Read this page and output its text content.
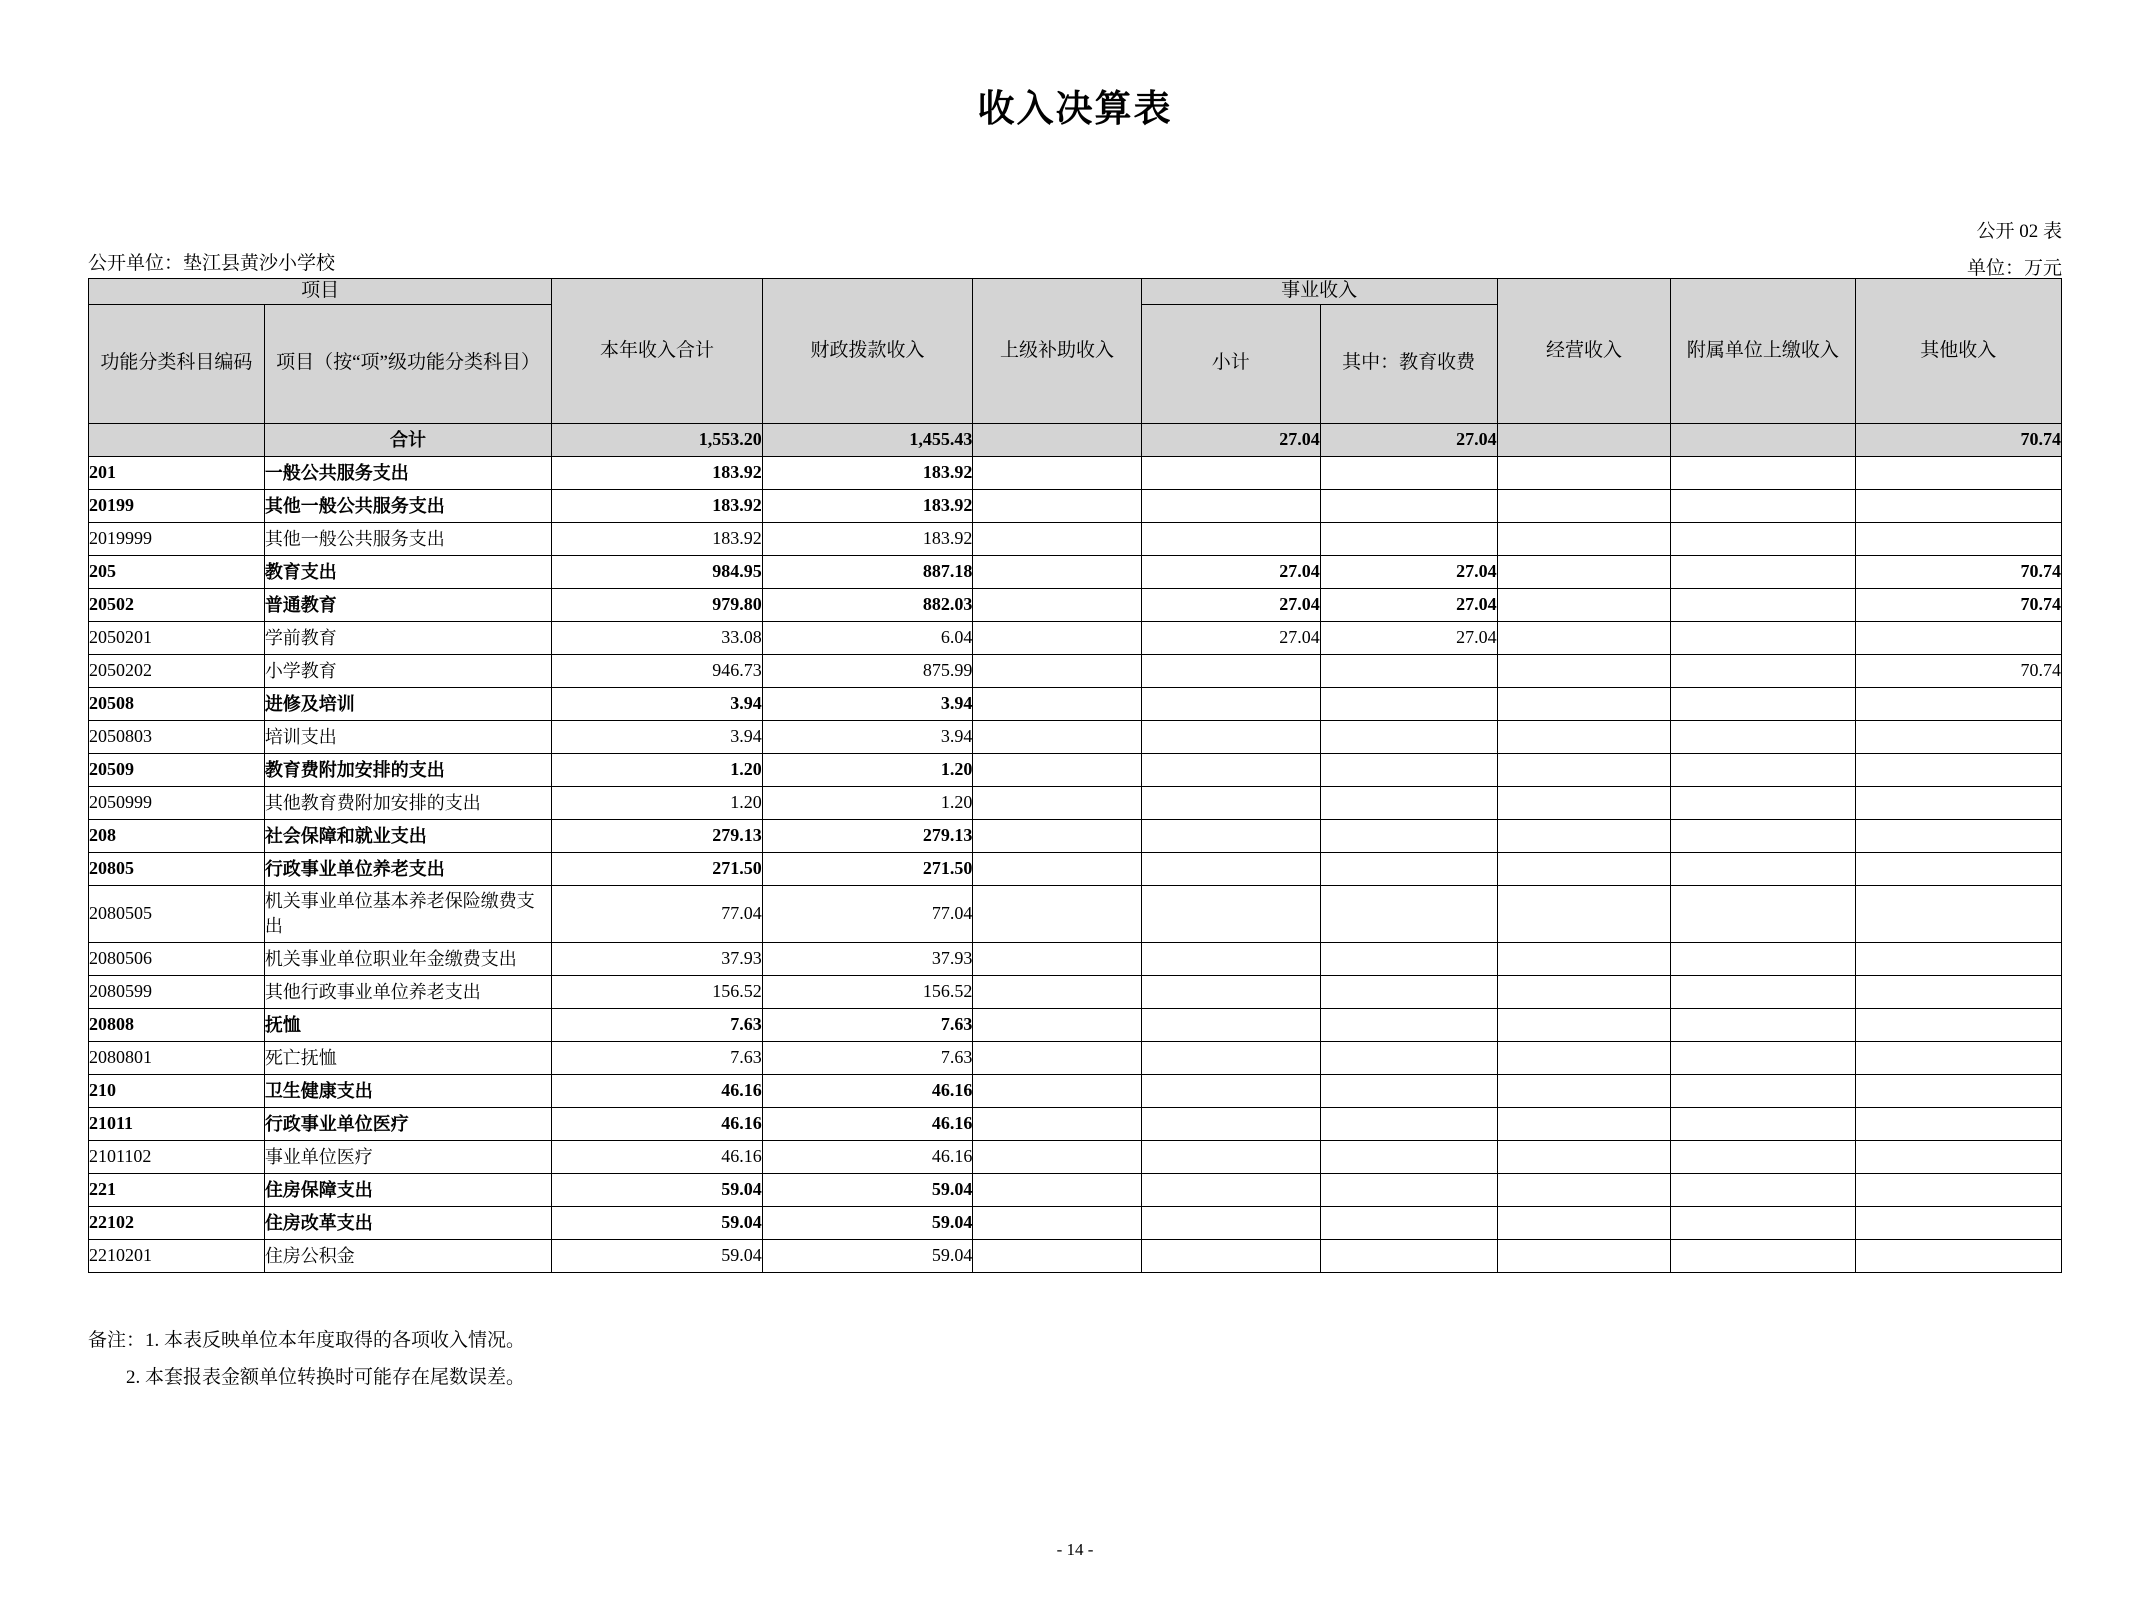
收入决算表
公开 02 表
公开单位：垫江县黄沙小学校	单位：万元
项目		本年收入合计	财政拨款收入	上级补助收入	事业收入		经营收入	附属单位上缴收入	其他收入
功能分类科目编码	项目（按“项”级功能分类科目）				小计	其中：教育收费			
	合计	1,553.20	1,455.43		27.04	27.04			70.74
201	一般公共服务支出	183.92	183.92						
20199	其他一般公共服务支出	183.92	183.92						
2019999	其他一般公共服务支出	183.92	183.92						
205	教育支出	984.95	887.18		27.04	27.04			70.74
20502	普通教育	979.80	882.03		27.04	27.04			70.74
2050201	学前教育	33.08	6.04		27.04	27.04			
2050202	小学教育	946.73	875.99						70.74
20508	进修及培训	3.94	3.94						
2050803	培训支出	3.94	3.94						
20509	教育费附加安排的支出	1.20	1.20						
2050999	其他教育费附加安排的支出	1.20	1.20						
208	社会保障和就业支出	279.13	279.13						
20805	行政事业单位养老支出	271.50	271.50						
2080505	机关事业单位基本养老保险缴费支出	77.04	77.04						
2080506	机关事业单位职业年金缴费支出	37.93	37.93						
2080599	其他行政事业单位养老支出	156.52	156.52						
20808	抚恤	7.63	7.63						
2080801	死亡抚恤	7.63	7.63						
210	卫生健康支出	46.16	46.16						
21011	行政事业单位医疗	46.16	46.16						
2101102	事业单位医疗	46.16	46.16						
221	住房保障支出	59.04	59.04						
22102	住房改革支出	59.04	59.04						
2210201	住房公积金	59.04	59.04						
备注：1. 本表反映单位本年度取得的各项收入情况。
2. 本套报表金额单位转换时可能存在尾数误差。
- 14 -
